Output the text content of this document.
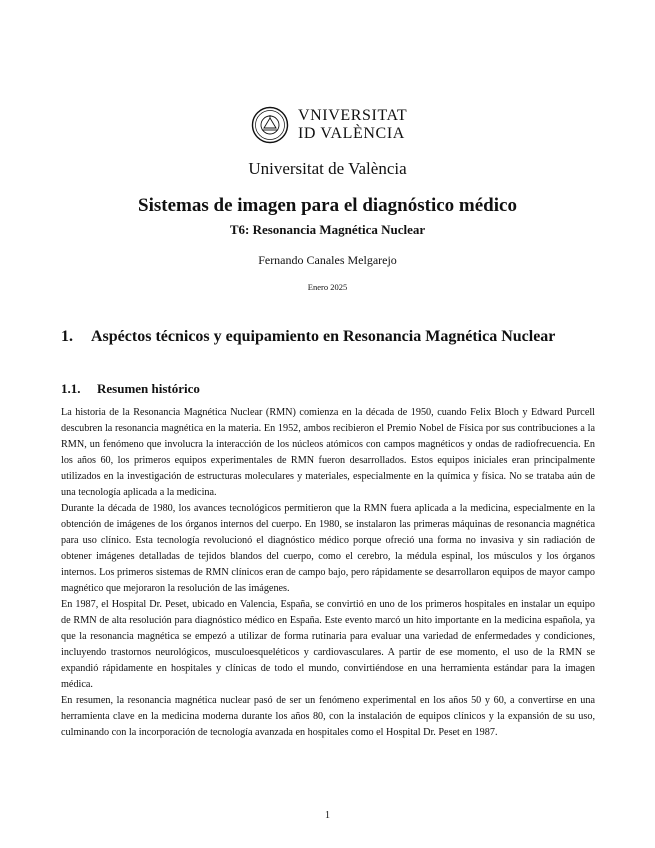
VNIVERSITAT
ID VALÈNCIA
Universitat de València
Sistemas de imagen para el diagnóstico médico
T6: Resonancia Magnética Nuclear
Fernando Canales Melgarejo
Enero 2025
1. Aspéctos técnicos y equipamiento en Resonancia Magnética Nuclear
1.1. Resumen histórico

La historia de la Resonancia Magnética Nuclear (RMN) comienza en la década de 1950, cuando Felix Bloch y Edward Purcell descubren la resonancia magnética en la materia. En 1952, ambos recibieron el Premio Nobel de Física por sus contribuciones a la RMN, un fenómeno que involucra la interacción de los núcleos atómicos con campos magnéticos y ondas de radiofrecuencia. En los años 60, los primeros equipos experimentales de RMN fueron desarrollados. Estos equipos iniciales eran principalmente utilizados en la investigación de estructuras moleculares y materiales, especialmente en la química y física. No se trataba aún de una tecnología aplicada a la medicina.

Durante la década de 1980, los avances tecnológicos permitieron que la RMN fuera aplicada a la medicina, especialmente en la obtención de imágenes de los órganos internos del cuerpo. En 1980, se instalaron las primeras máquinas de resonancia magnética para uso clínico. Esta tecnología revolucionó el diagnóstico médico porque ofreció una forma no invasiva y sin radiación de obtener imágenes detalladas de tejidos blandos del cuerpo, como el cerebro, la médula espinal, los músculos y los órganos internos. Los primeros sistemas de RMN clínicos eran de campo bajo, pero rápidamente se desarrollaron equipos de mayor campo magnético que mejoraron la resolución de las imágenes.

En 1987, el Hospital Dr. Peset, ubicado en Valencia, España, se convirtió en uno de los primeros hospitales en instalar un equipo de RMN de alta resolución para diagnóstico médico en España. Este evento marcó un hito importante en la medicina española, ya que la resonancia magnética se empezó a utilizar de forma rutinaria para evaluar una variedad de enfermedades y condiciones, incluyendo trastornos neurológicos, musculoesqueléticos y cardiovasculares. A partir de ese momento, el uso de la RMN se expandió rápidamente en hospitales y clínicas de todo el mundo, convirtiéndose en una herramienta estándar para la imagen médica.

En resumen, la resonancia magnética nuclear pasó de ser un fenómeno experimental en los años 50 y 60, a convertirse en una herramienta clave en la medicina moderna durante los años 80, con la instalación de equipos clínicos y la expansión de su uso, culminando con la incorporación de tecnología avanzada en hospitales como el Hospital Dr. Peset en 1987.

1
